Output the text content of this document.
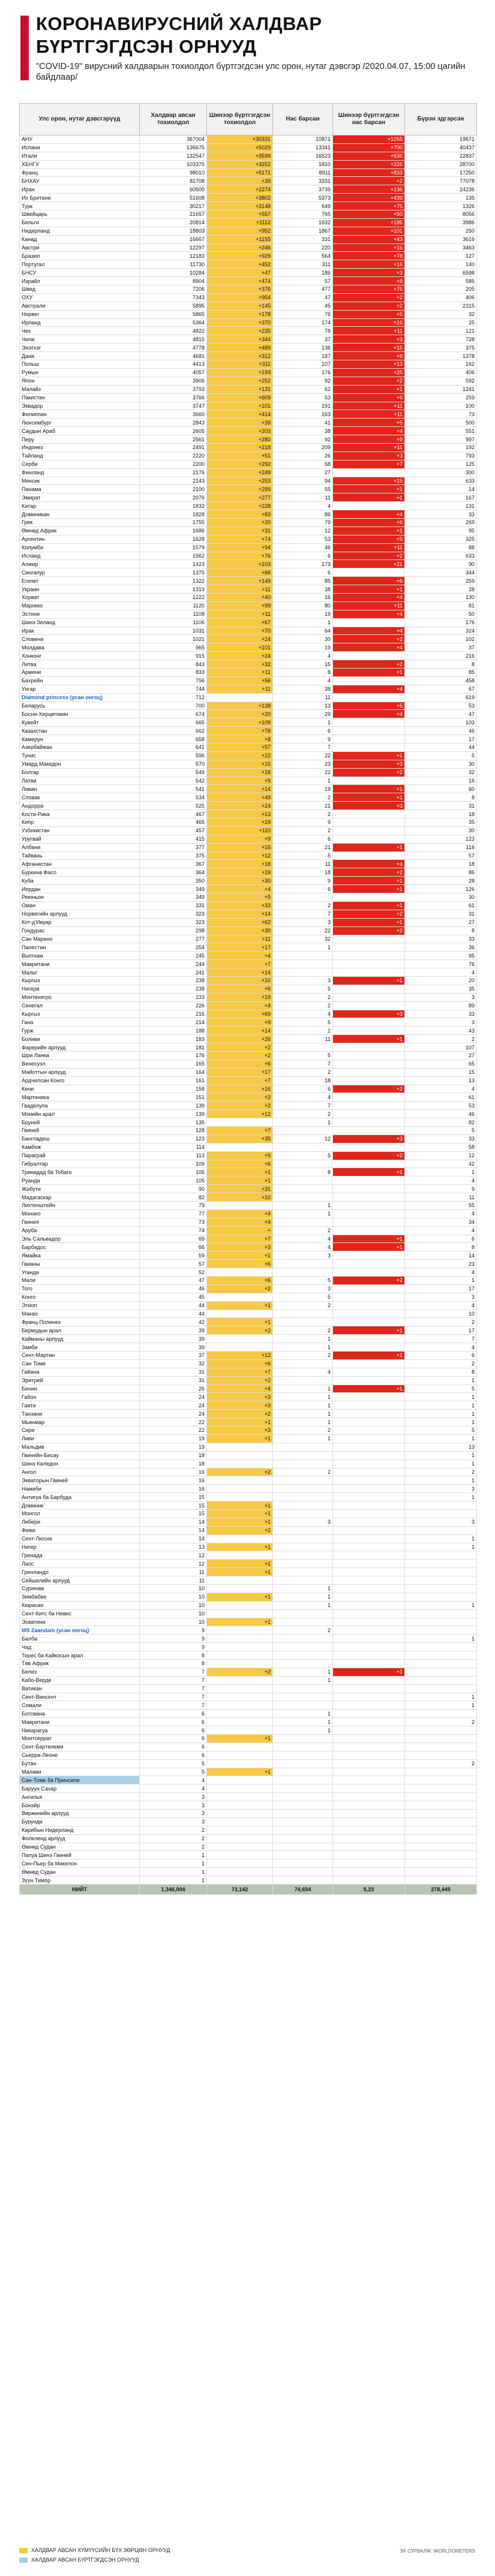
КОРОНАВИРУСНИЙ ХАЛДВАР
БҮРТГЭГДСЭН ОРНУУД
"COVID-19" вирусний халдварын тохиолдол бүртгэгдсэн улс орон, нутаг дэвсгэр /2020.04.07, 15:00 цагийн байдлаар/
Улс орон, нутаг дэвсгэрүүд	Халдвар авсан тохиолдол	Шинээр бүртгэгдсэн тохиолдол	Нас барсан	Шинээр бүртгэгдсэн нас барсан	Бүрэн эдгэрсэн
АНУ	367004	+30331	10871	+1255	19671
Испани	136675	+5029	13341	+700	40437
Итали	132547	+3599	16523	+636	22837
ХБНГУ	103375	+3252	1810	+226	28700
Франц	98010	+5171	8911	+833	17250
БНХАУ	81708	+39	3331	+2	77078
Иран	60500	+2274	3739	+136	24236
Их Британи	51608	+3802	5373	+439	135
Турк	30217	+3148	649	+75	1326
Швейцарь	21657	+557	765	+50	8056
Бельги	20814	+1112	1632	+185	3986
Нидерланд	18803	+952	1867	+101	250
Канад	16667	+1155	331	+43	3616
Австри	12297	+246	220	+16	3463
Бразил	12183	+929	564	+78	127
Португал	11730	+452	311	+16	140
БНСУ	10284	+47	186	+3	6598
Израйл	8904	+474	57	+8	585
Швед	7206	+376	477	+76	205
ОХУ	7343	+954	47	+2	406
Австрали	5895	+145	45	+2	2315
Норвег	5865	+178	76	+5	32
Ирланд	5364	+370	174	+16	25
Чех	4822	+235	78	+11	121
Чили	4815	+344	37	+3	728
Энэтхэг	4778	+489	136	+15	375
Дани	4681	+312	187	+8	1378
Польш	4413	+311	107	+13	162
Румын	4057	+193	176	+25	406
Япон	3906	+252	92	+2	592
Малайз	3793	+131	62	+1	1241
Пакистан	3766	+609	53	+6	259
Эквадор	3747	+101	191	+11	100
Филиппин	3660	+414	163	+11	73
Люксембург	2843	+39	41	+5	500
Саудын Араб	2605	+203	38	+4	551
Перу	2561	+280	92	+9	997
Индонез	2491	+218	209	+11	192
Тайланд	2220	+51	26	+3	793
Серби	2200	+292	58	+7	125
Финланд	2176	+249	27		300
Мексик	2143	+253	94	+15	633
Панама	2100	+299	55	+1	14
Эмират	2076	+277	11	+1	167
Катар	1832	+228	4		131
Доминикан	1828	+83	86	+4	33
Грек	1755	+20	79	+6	269
Өмнөд Африк	1686	+31	12	+1	95
Аргентин	1628	+74	53	+5	325
Колумби	1579	+94	46	+11	88
Исланд	1562	+76	6	+2	633
Алжир	1423	+103	173	+21	90
Сингапур	1375	+66	6		344
Египет	1322	+149	85	+6	259
Украин	1319	+11	38	+1	28
Хорват	1222	+40	16	+4	130
Мароккo	1120	+99	80	+11	81
Эстони	1108	+11	19	+4	50
Шинэ Зеланд	1106	+67	1		176
Ирак	1031	+70	64	+4	324
Словени	1021	+24	30	+2	102
Молдава	965	+101	19	+4	37
Хонконг	915	+24	4		216
Литва	843	+32	15	+2	8
Армени	833	+11	8	+1	85
Бахрейн	756	+56	4		458
Унгар	744	+11	38	+4	67
Diamond princess (усан онгоц)	712		11		619
Беларусь	700	+138	13	+5	53
Босни-Херцеговин	674	+20	29	+4	47
Кувейт	665	+109	1		103
Казахстан	662	+78	6		46
Камерун	658	+8	9		17
Азербайжан	641	+57	7		44
Тунис	596	+22	22	+1	5
Умард Македон	570	+15	23	+3	30
Болгар	549	+18	22	+2	32
Латви	542	+9	1		16
Ливан	541	+14	19	+1	60
Словак	534	+49	2	+1	8
Андорра	525	+24	21	+3	31
Коста-Рика	467	+13	2		18
Кипр	465	+19	9		35
Узбекистан	457	+110	2		30
Уругвай	415	+9	6		123
Албани	377	+16	21	+1	116
Тайвань	375	+12	5		57
Афганистан	367	+18	11	+4	18
Буркина Фасо	364	+19	18	+2	86
Куба	350	+30	9	+1	28
Иордан	349	+4	6	+1	126
Реюньон	349	+5			30
Оман	331	+33	2	+1	61
Норвегийн арлууд	323	+14	7	+2	31
Кот-д'Ивуар	323	+62	3	+1	27
Гондурас	298	+30	22	+2	8
Сан Марино	277	+11	32		33
Палестин	254	+17	1		36
Вьетнам	245	+4			95
Мавритани	244	+7			76
Мальт	241	+14			4
Кыргыз	238	+10	3	+1	20
Нигери	238	+6	5		35
Монтенегро	233	+19	2		3
Сенегал	226	+4	2		89
Кыргыз	216	+69	4	+3	33
Гана	214	+9	5		3
Гурж	188	+14	2		43
Боливи	183	+26	11	+1	2
Фарерийн арлууд	181	+2			107
Шри Ланка	176	+2	5		27
Венесуэл	165	+6	7		65
Майоттын арлууд	164	+17	2		15
Ардчилсан Конго	161	+7	18		13
Кени	158	+16	6	+2	4
Мартиника	151	+2	4		61
Гваделупа	139	+2	7		53
Мэнийн арал	139	+12	2		46
Бруней	135		1		82
Гвиней	128	+7			5
Бангладеш	123	+35	12	+3	33
Камбож	114				58
Параграй	113	+9	5	+2	12
Гибралтар	109	+6			42
Тринидад ба Тобаго	105	+1	8	+1	1
Руанда	105	+1			4
Жибути	90	+31			9
Мадагаскар	82	+10			11
Лихтенштейн	79		1		55
Монако	77	+4	1		4
Гвинея	73	+4			34
Аруба	74	+	2		4
Эль Сальвадор	69	+7	4	+1	6
Барбадос	66	+3	4	+1	8
Ямайка	59	+1	3		14
Гвианы	57	+6			23
Уганда	52				4
Мали	47	+6	5	+2	1
Того	46	+2	3		17
Конго	45		5		3
Этиоп	44	+1	2		4
Макао	44				10
Франц Полинез	42	+1			2
Бермудын арал	39	+2	2	+1	17
Кайманы арлууд	39		1		7
Замби	39		1		4
Сент-Мартин	37	+12	2	+1	6
Сан Томе	32	+6			2
Гайана	31	+7	4		8
Эритрей	31	+2			1
Бенин	26	+4	1	+1	5
Габон	24	+3	1		1
Гаити	24	+3	1		1
Танзани	24	+2	1		1
Мьянмар	22	+1	1		1
Сири	22	+3	2		5
Ливи	19	+1	1		1
Мальдив	19				13
Гвинейн-Бисау	18				1
Шинэ Каледон	18				1
Ангол	16	+2	2		2
Экваторын Гвиней	16				1
Намиби	16				3
Антигуа ба Барбуда	15				1
Доминик	15	+1			
Монгол	15	+1			
Либери	14	+1	3		3
Фижи	14	+2			
Сент-Люсиа	14				1
Нигер	13	+1			1
Гренада	12				
Лаос	12	+1			
Гренландо	11	+1			
Сейшелийн арлууд	11				
Суринам	10		1		
Зимбабве	10	+1	1		
Кюрасао	10		1		1
Сент-Китс ба Невис	10				
Эсватини	10	+1			
MS Zaandam (усан онгоц)	9		2		
Балба	9				1
Чад	9				
Терес ба Кайкосын арал	8				
Төв Африк	8				
Белиз	7	+2	1	+1	
Кабо-Верде	7		1		
Ватикан	7				
Сент-Винсент	7				1
Сомали	7				1
Ботсвана	6		1		
Мавритани	6		1		2
Никарагуа	6		1		
Монтсеррат	6	+1			
Сент-Бартелеми	6				
Сьерра-Леоне	6				
Бутан	5				2
Малави	5	+1			
Сан-Томе ба Принсипи	4				
Баруун Сахар	4				
Ангилья	3				
Бонэйр	3				
Виржинийн арлууд	3				
Бурунди	3				
Карибын Нидерланд	2				
Фолкленд арлууд	2				
Өмнөд Судан	2				
Папуа Шинэ Гвиней	1				
Сен-Пьер ба Микелон	1				
Өмнөд Судан	1				
Зүүн Тимор	1				
НИЙТ	1,346,004	73,142	74,654	5,23	278,445
ХАЛДВАР АВСАН ХҮМҮҮСИЙН БҮХ ЗӨРЦӨН ОРНУУД
ХАЛДВАР АВСАН БҮРТГЭГДСЭН ОРНУУД
ЭХ СУРВАЛЖ: WORLDOMETERS
